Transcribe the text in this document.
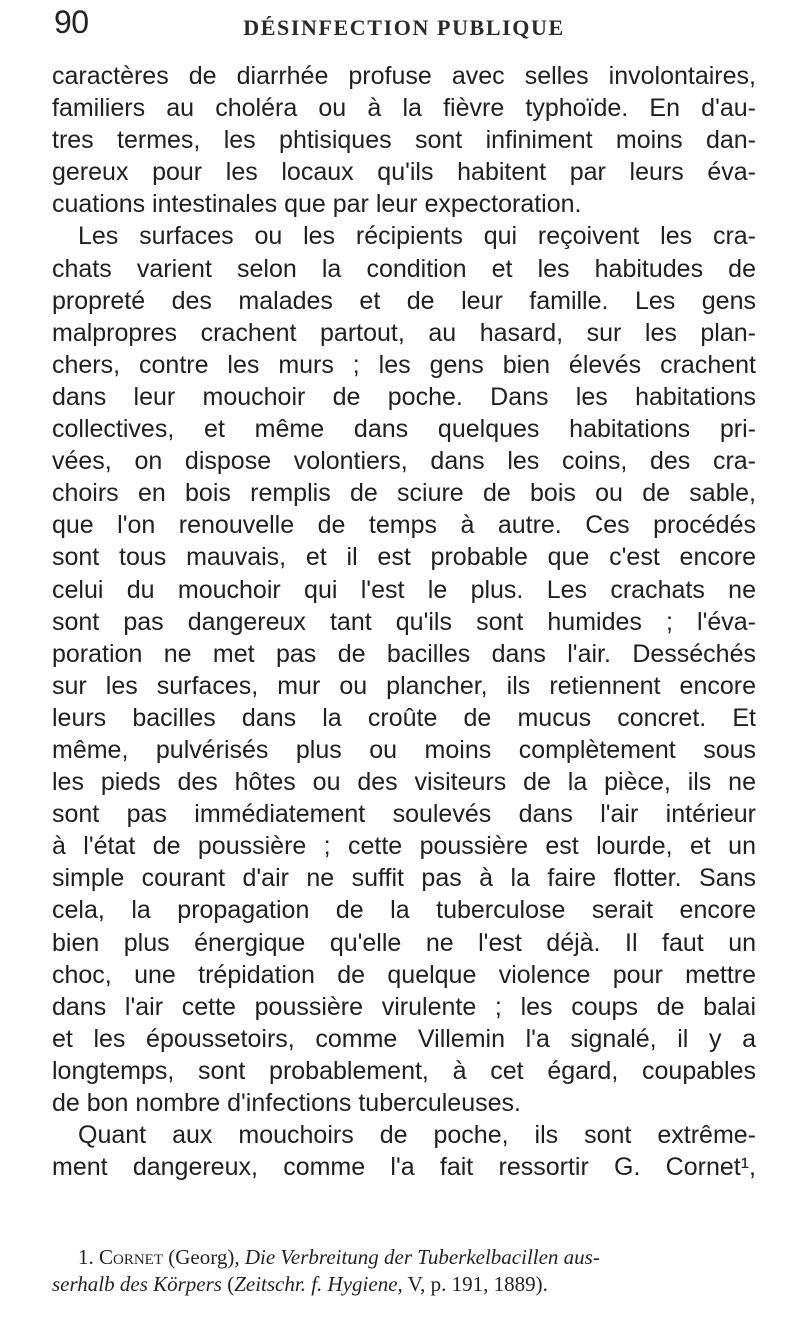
90	DÉSINFECTION PUBLIQUE

caractères de diarrhée profuse avec selles involontaires,
familiers au choléra ou à la fièvre typhoïde. En d'au-
tres termes, les phtisiques sont infiniment moins dan-
gereux pour les locaux qu'ils habitent par leurs éva-
cuations intestinales que par leur expectoration.

Les surfaces ou les récipients qui reçoivent les cra-
chats varient selon la condition et les habitudes de
propreté des malades et de leur famille. Les gens
malpropres crachent partout, au hasard, sur les plan-
chers, contre les murs ; les gens bien élevés crachent
dans leur mouchoir de poche. Dans les habitations
collectives, et même dans quelques habitations pri-
vées, on dispose volontiers, dans les coins, des cra-
choirs en bois remplis de sciure de bois ou de sable,
que l'on renouvelle de temps à autre. Ces procédés
sont tous mauvais, et il est probable que c'est encore
celui du mouchoir qui l'est le plus. Les crachats ne
sont pas dangereux tant qu'ils sont humides ; l'éva-
poration ne met pas de bacilles dans l'air. Desséchés
sur les surfaces, mur ou plancher, ils retiennent encore
leurs bacilles dans la croûte de mucus concret. Et
même, pulvérisés plus ou moins complètement sous
les pieds des hôtes ou des visiteurs de la pièce, ils ne
sont pas immédiatement soulevés dans l'air intérieur
à l'état de poussière ; cette poussière est lourde, et un
simple courant d'air ne suffit pas à la faire flotter. Sans
cela, la propagation de la tuberculose serait encore
bien plus énergique qu'elle ne l'est déjà. Il faut un
choc, une trépidation de quelque violence pour mettre
dans l'air cette poussière virulente ; les coups de balai
et les époussetoirs, comme Villemin l'a signalé, il y a
longtemps, sont probablement, à cet égard, coupables
de bon nombre d'infections tuberculeuses.

Quant aux mouchoirs de poche, ils sont extrême-
ment dangereux, comme l'a fait ressortir G. Cornet¹,

1. Cornet (Georg), Die Verbreitung der Tuberkelbacillen aus-
serhalb des Körpers (Zeitschr. f. Hygiene, V, p. 191, 1889).
